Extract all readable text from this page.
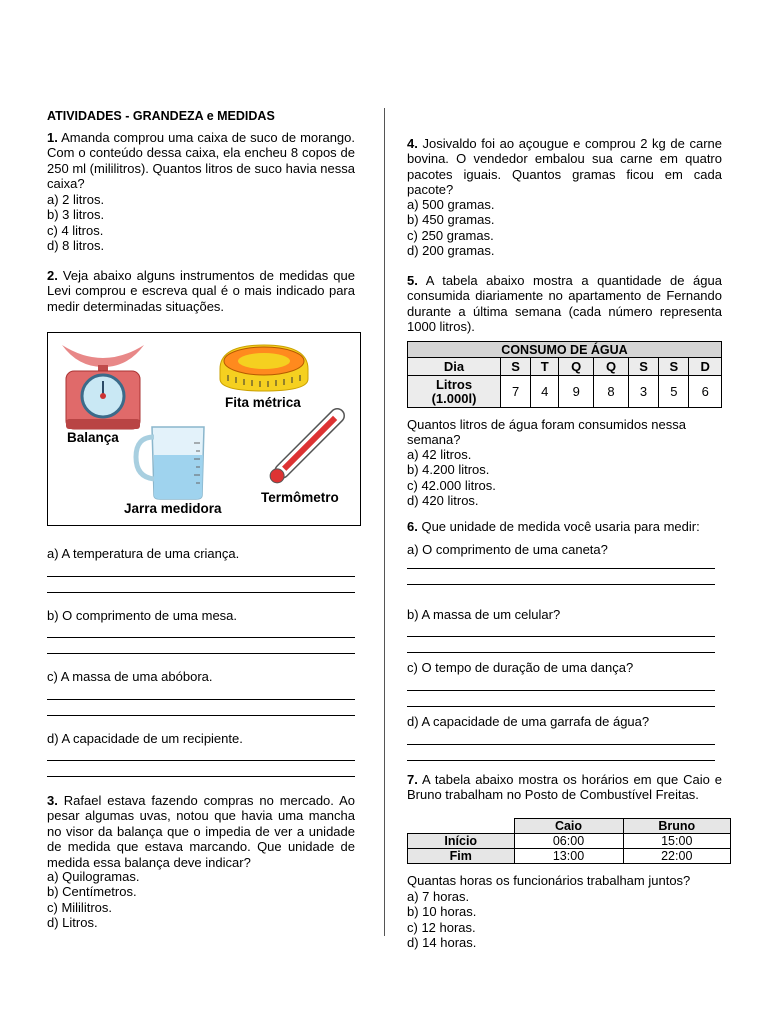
ATIVIDADES - GRANDEZA e MEDIDAS
1. Amanda comprou uma caixa de suco de morango. Com o conteúdo dessa caixa, ela encheu 8 copos de 250 ml (mililitros). Quantos litros de suco havia nessa caixa?
a) 2 litros.
b) 3 litros.
c) 4 litros.
d) 8 litros.
2. Veja abaixo alguns instrumentos de medidas que Levi comprou e escreva qual é o mais indicado para medir determinadas situações.
Balança
Fita métrica
Jarra medidora
Termômetro
a) A temperatura de uma criança.
b) O comprimento de uma mesa.
c) A massa de uma abóbora.
d) A capacidade de um recipiente.
3. Rafael estava fazendo compras no mercado. Ao pesar algumas uvas, notou que havia uma mancha no visor da balança que o impedia de ver a unidade de medida que estava marcando. Que unidade de medida essa balança deve indicar?
a) Quilogramas.
b) Centímetros.
c) Mililitros.
d) Litros.
4. Josivaldo foi ao açougue e comprou 2 kg de carne bovina. O vendedor embalou sua carne em quatro pacotes iguais. Quantos gramas ficou em cada pacote?
a) 500 gramas.
b) 450 gramas.
c) 250 gramas.
d) 200 gramas.
5. A tabela abaixo mostra a quantidade de água consumida diariamente no apartamento de Fernando durante a última semana (cada número representa 1000 litros).
CONSUMO DE ÁGUA							
Dia	S	T	Q	Q	S	S	D

Litros
(1.000l)	7	4	9	8	3	5	6
Quantos litros de água foram consumidos nessa semana?
a) 42 litros.
b) 4.200 litros.
c) 42.000 litros.
d) 420 litros.
6. Que unidade de medida você usaria para medir:
a) O comprimento de uma caneta?
b) A massa de um celular?
c) O tempo de duração de uma dança?
d) A capacidade de uma garrafa de água?
7. A tabela abaixo mostra os horários em que Caio e Bruno trabalham no Posto de Combustível Freitas.
	Caio	Bruno
Início	06:00	15:00
Fim	13:00	22:00
Quantas horas os funcionários trabalham juntos?
a) 7 horas.
b) 10 horas.
c) 12 horas.
d) 14 horas.
